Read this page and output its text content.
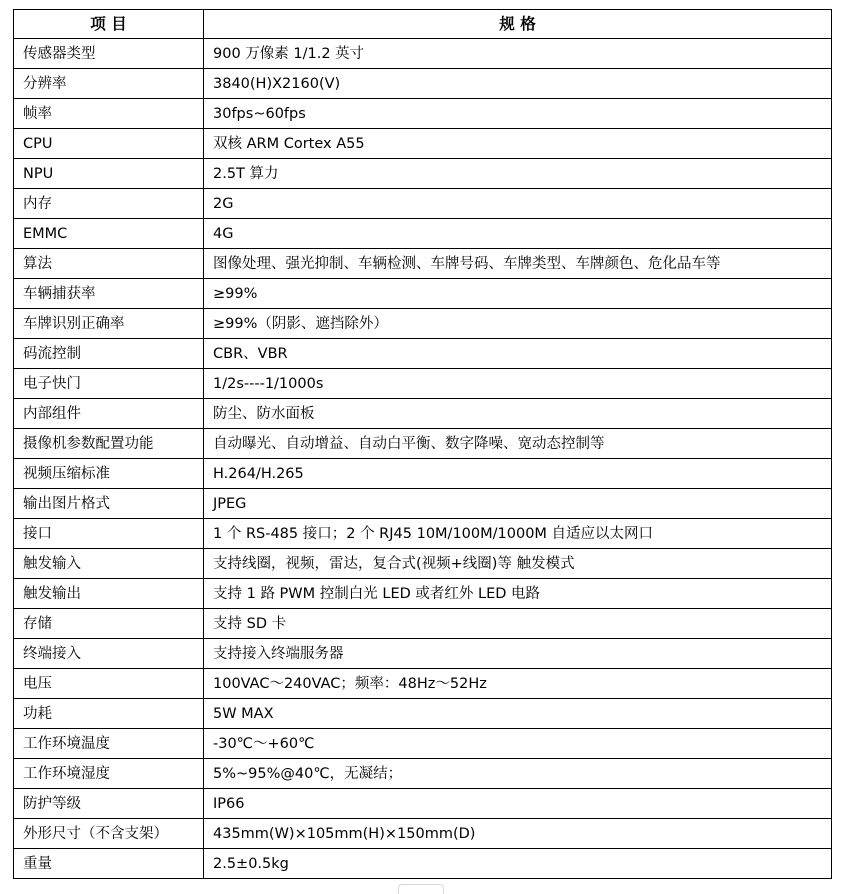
项 目	规 格
传感器类型	900 万像素 1/1.2 英寸
分辨率	3840(H)X2160(V)
帧率	30fps~60fps
CPU	双核 ARM Cortex A55
NPU	2.5T 算力
内存	2G
EMMC	4G
算法	图像处理、强光抑制、车辆检测、车牌号码、车牌类型、车牌颜色、危化品车等
车辆捕获率	≥99%
车牌识别正确率	≥99%（阴影、遮挡除外）
码流控制	CBR、VBR
电子快门	1/2s----1/1000s
内部组件	防尘、防水面板
摄像机参数配置功能	自动曝光、自动增益、自动白平衡、数字降噪、宽动态控制等
视频压缩标准	H.264/H.265
输出图片格式	JPEG
接口	1 个 RS-485 接口；2 个 RJ45 10M/100M/1000M 自适应以太网口
触发输入	支持线圈，视频，雷达，复合式(视频+线圈)等 触发模式
触发输出	支持 1 路 PWM 控制白光 LED 或者红外 LED 电路
存储	支持 SD 卡
终端接入	支持接入终端服务器
电压	100VAC～240VAC；频率：48Hz～52Hz
功耗	5W MAX
工作环境温度	-30℃～+60℃
工作环境湿度	5%~95%@40℃，无凝结；
防护等级	IP66
外形尺寸（不含支架）	435mm(W)×105mm(H)×150mm(D)
重量	2.5±0.5kg
